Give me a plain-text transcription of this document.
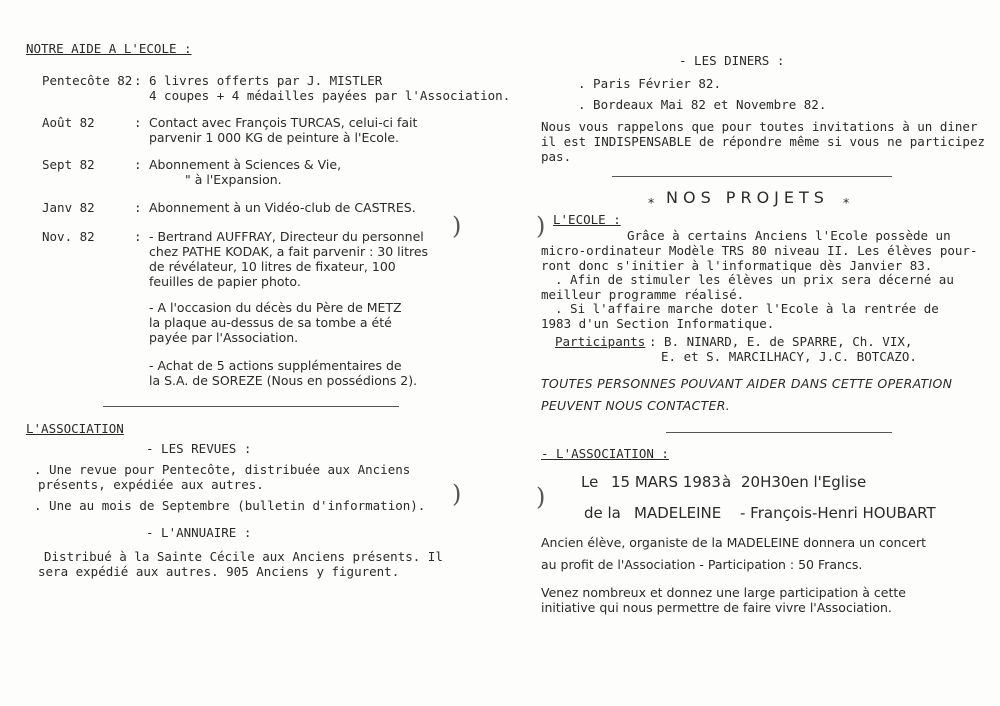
NOTRE AIDE A L'ECOLE :
Pentecôte 82 : 6 livres offerts par J. MISTLER
4 coupes + 4 médailles payées par l'Association.
Août 82	: Contact avec François TURCAS, celui-ci fait
parvenir 1 000 KG de peinture à l'Ecole.
Sept 82	: Abonnement à Sciences & Vie,
" à l'Expansion.
Janv 82	: Abonnement à un Vidéo-club de CASTRES.
Nov. 82	: - Bertrand AUFFRAY, Directeur du personnel
chez PATHE KODAK, a fait parvenir : 30 litres
de révélateur, 10 litres de fixateur, 100
feuilles de papier photo.
- A l'occasion du décès du Père de METZ
la plaque au-dessus de sa tombe a été
payée par l'Association.
- Achat de 5 actions supplémentaires de
la S.A. de SOREZE (Nous en possédions 2).
L'ASSOCIATION
- LES REVUES :
. Une revue pour Pentecôte, distribuée aux Anciens
présents, expédiée aux autres.
. Une au mois de Septembre (bulletin d'information).
- L'ANNUAIRE :
Distribué à la Sainte Cécile aux Anciens présents. Il
sera expédié aux autres. 905 Anciens y figurent.
)
)
)
)
- LES DINERS :
. Paris Février 82.
. Bordeaux Mai 82 et Novembre 82.
Nous vous rappelons que pour toutes invitations à un diner
il est INDISPENSABLE de répondre même si vous ne participez
pas.
* NOS PROJETS *
L'ECOLE :
Grâce à certains Anciens l'Ecole possède un
micro-ordinateur Modèle TRS 80 niveau II. Les élèves pour-
ront donc s'initier à l'informatique dès Janvier 83.
. Afin de stimuler les élèves un prix sera décerné au
meilleur programme réalisé.
. Si l'affaire marche doter l'Ecole à la rentrée de
1983 d'un Section Informatique.
Participants : B. NINARD, E. de SPARRE, Ch. VIX,
E. et S. MARCILHACY, J.C. BOTCAZO.
TOUTES PERSONNES POUVANT AIDER DANS CETTE OPERATION
PEUVENT NOUS CONTACTER.
- L'ASSOCIATION :
Le 15 MARS 1983 à 20H30 en l'Eglise
de la MADELEINE - François-Henri HOUBART
Ancien élève, organiste de la MADELEINE donnera un concert
au profit de l'Association - Participation : 50 Francs.
Venez nombreux et donnez une large participation à cette
initiative qui nous permettre de faire vivre l'Association.
